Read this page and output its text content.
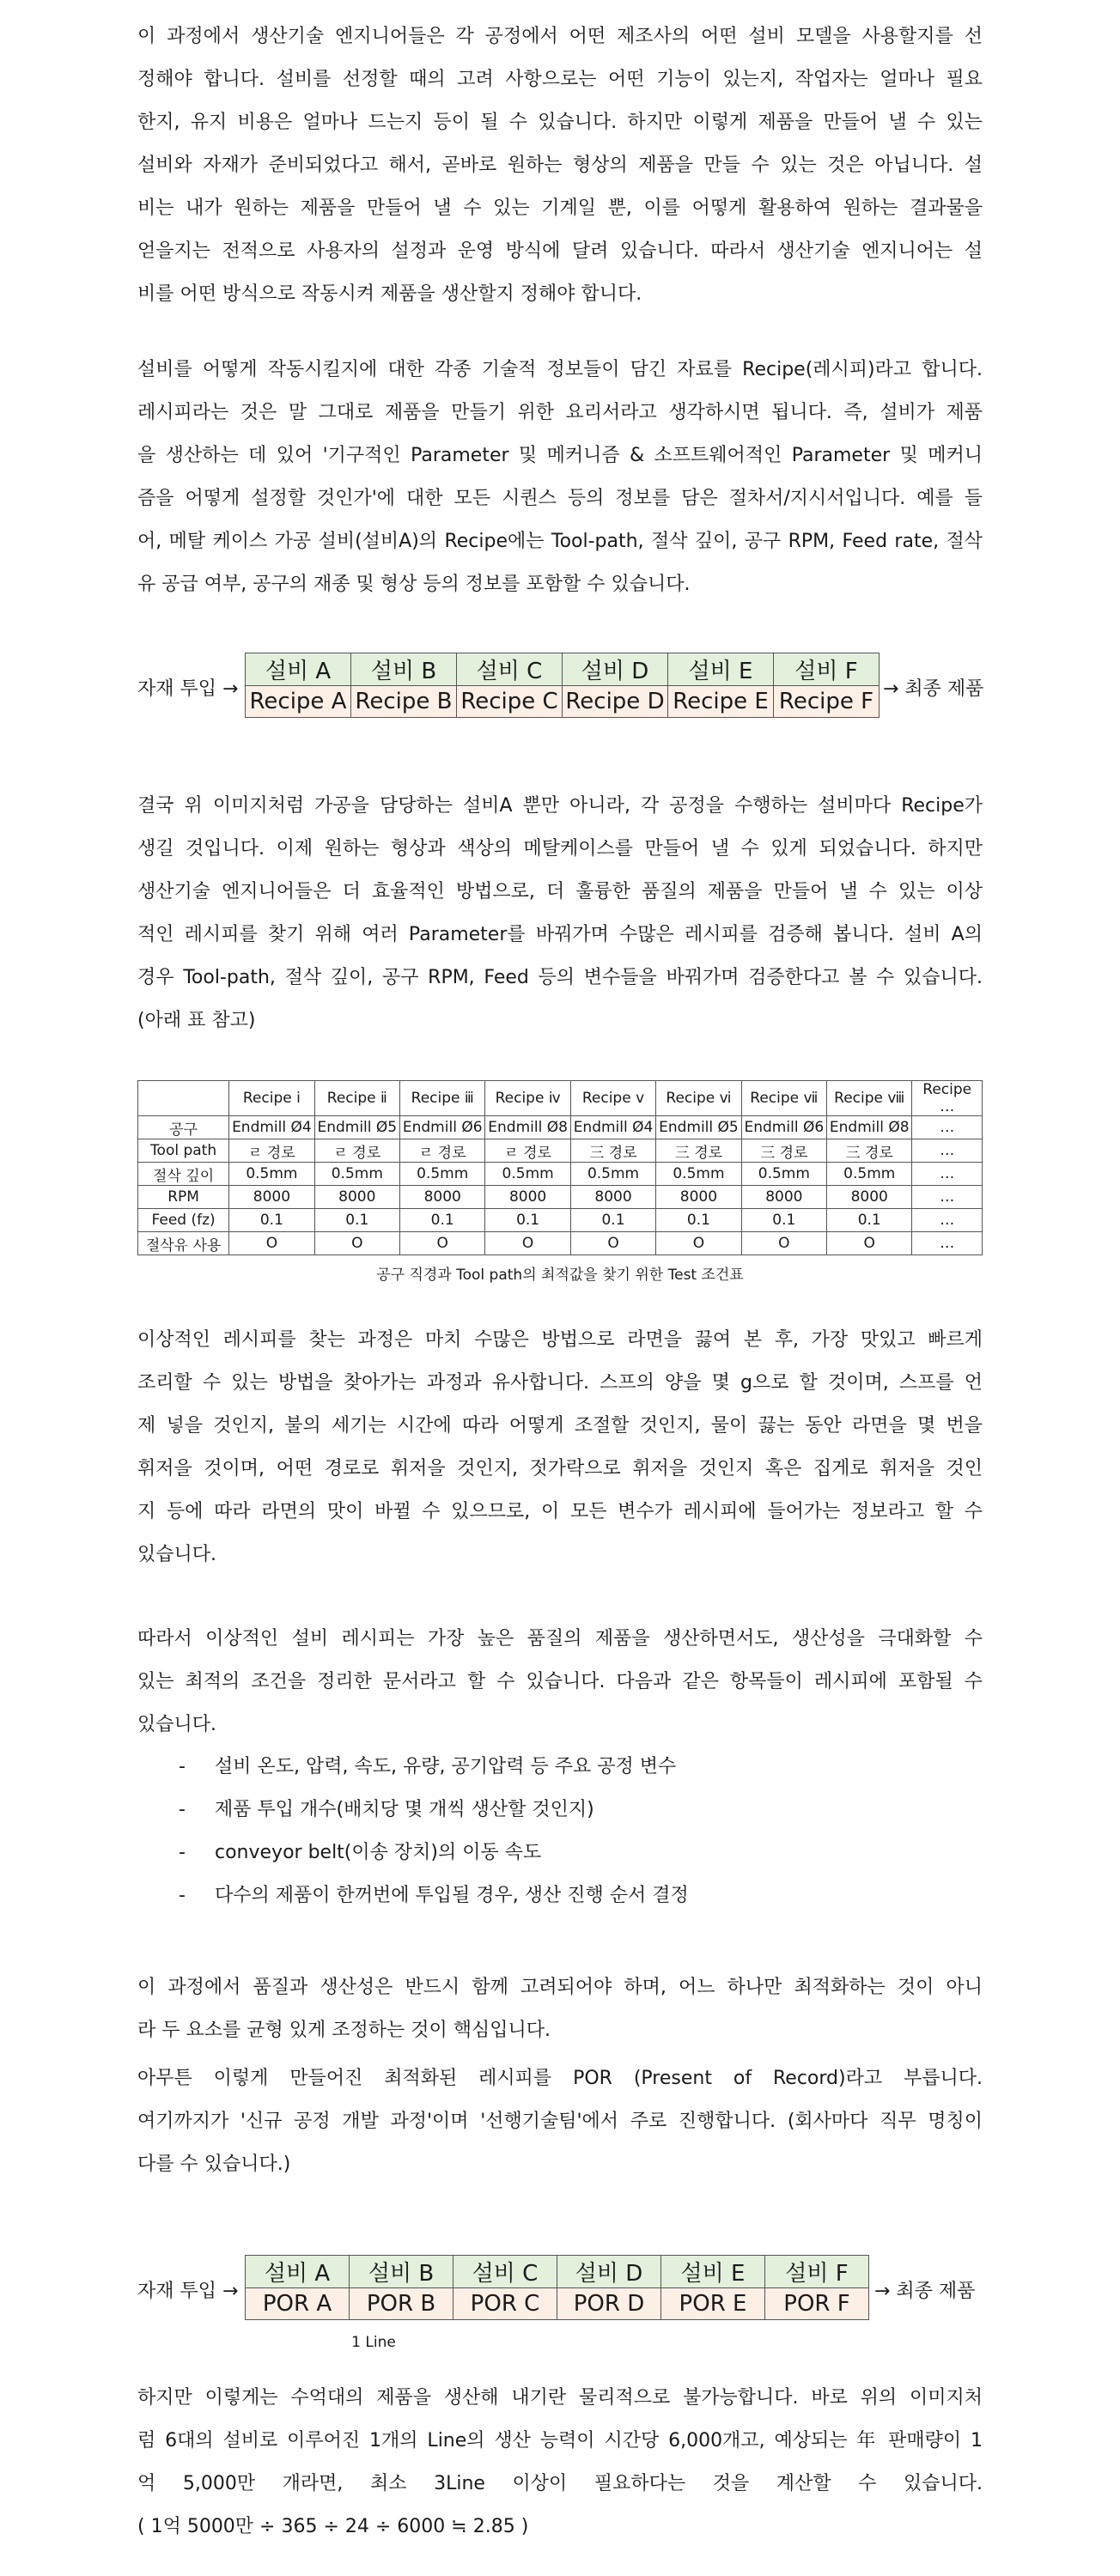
이 과정에서 생산기술 엔지니어들은 각 공정에서 어떤 제조사의 어떤 설비 모델을 사용할지를 선
정해야 합니다. 설비를 선정할 때의 고려 사항으로는 어떤 기능이 있는지, 작업자는 얼마나 필요
한지, 유지 비용은 얼마나 드는지 등이 될 수 있습니다. 하지만 이렇게 제품을 만들어 낼 수 있는
설비와 자재가 준비되었다고 해서, 곧바로 원하는 형상의 제품을 만들 수 있는 것은 아닙니다. 설
비는 내가 원하는 제품을 만들어 낼 수 있는 기계일 뿐, 이를 어떻게 활용하여 원하는 결과물을
얻을지는 전적으로 사용자의 설정과 운영 방식에 달려 있습니다. 따라서 생산기술 엔지니어는 설
비를 어떤 방식으로 작동시켜 제품을 생산할지 정해야 합니다.
설비를 어떻게 작동시킬지에 대한 각종 기술적 정보들이 담긴 자료를 Recipe(레시피)라고 합니다.
레시피라는 것은 말 그대로 제품을 만들기 위한 요리서라고 생각하시면 됩니다. 즉, 설비가 제품
을 생산하는 데 있어 '기구적인 Parameter 및 메커니즘 & 소프트웨어적인 Parameter 및 메커니
즘을 어떻게 설정할 것인가'에 대한 모든 시퀀스 등의 정보를 담은 절차서/지시서입니다. 예를 들
어, 메탈 케이스 가공 설비(설비A)의 Recipe에는 Tool-path, 절삭 깊이, 공구 RPM, Feed rate, 절삭
유 공급 여부, 공구의 재종 및 형상 등의 정보를 포함할 수 있습니다.
자재 투입 →
설비 A	설비 B	설비 C	설비 D	설비 E	설비 F
Recipe A	Recipe B	Recipe C	Recipe D	Recipe E	Recipe F → 최종 제품
결국 위 이미지처럼 가공을 담당하는 설비A 뿐만 아니라, 각 공정을 수행하는 설비마다 Recipe가
생길 것입니다. 이제 원하는 형상과 색상의 메탈케이스를 만들어 낼 수 있게 되었습니다. 하지만
생산기술 엔지니어들은 더 효율적인 방법으로, 더 훌륭한 품질의 제품을 만들어 낼 수 있는 이상
적인 레시피를 찾기 위해 여러 Parameter를 바꿔가며 수많은 레시피를 검증해 봅니다. 설비 A의
경우 Tool-path, 절삭 깊이, 공구 RPM, Feed 등의 변수들을 바꿔가며 검증한다고 볼 수 있습니다.
(아래 표 참고)
	Recipe ⅰ	Recipe ⅱ	Recipe ⅲ	Recipe ⅳ	Recipe ⅴ	Recipe ⅵ	Recipe ⅶ	Recipe ⅷ	Recipe …
공구	Endmill Ø4	Endmill Ø5	Endmill Ø6	Endmill Ø8	Endmill Ø4	Endmill Ø5	Endmill Ø6	Endmill Ø8	…
Tool path	ㄹ 경로	ㄹ 경로	ㄹ 경로	ㄹ 경로	三 경로	三 경로	三 경로	三 경로	…
절삭 깊이	0.5mm	0.5mm	0.5mm	0.5mm	0.5mm	0.5mm	0.5mm	0.5mm	…
RPM	8000	8000	8000	8000	8000	8000	8000	8000	…
Feed (fz)	0.1	0.1	0.1	0.1	0.1	0.1	0.1	0.1	…
절삭유 사용	O	O	O	O	O	O	O	O	…
공구 직경과 Tool path의 최적값을 찾기 위한 Test 조건표
이상적인 레시피를 찾는 과정은 마치 수많은 방법으로 라면을 끓여 본 후, 가장 맛있고 빠르게
조리할 수 있는 방법을 찾아가는 과정과 유사합니다. 스프의 양을 몇 g으로 할 것이며, 스프를 언
제 넣을 것인지, 불의 세기는 시간에 따라 어떻게 조절할 것인지, 물이 끓는 동안 라면을 몇 번을
휘저을 것이며, 어떤 경로로 휘저을 것인지, 젓가락으로 휘저을 것인지 혹은 집게로 휘저을 것인
지 등에 따라 라면의 맛이 바뀔 수 있으므로, 이 모든 변수가 레시피에 들어가는 정보라고 할 수
있습니다.
따라서 이상적인 설비 레시피는 가장 높은 품질의 제품을 생산하면서도, 생산성을 극대화할 수
있는 최적의 조건을 정리한 문서라고 할 수 있습니다. 다음과 같은 항목들이 레시피에 포함될 수
있습니다.
- 설비 온도, 압력, 속도, 유량, 공기압력 등 주요 공정 변수
- 제품 투입 개수(배치당 몇 개씩 생산할 것인지)
- conveyor belt(이송 장치)의 이동 속도
- 다수의 제품이 한꺼번에 투입될 경우, 생산 진행 순서 결정
이 과정에서 품질과 생산성은 반드시 함께 고려되어야 하며, 어느 하나만 최적화하는 것이 아니
라 두 요소를 균형 있게 조정하는 것이 핵심입니다.
아무튼 이렇게 만들어진 최적화된 레시피를 POR (Present of Record)라고 부릅니다.
여기까지가 '신규 공정 개발 과정'이며 '선행기술팀'에서 주로 진행합니다. (회사마다 직무 명칭이
다를 수 있습니다.)
자재 투입 →
설비 A	설비 B	설비 C	설비 D	설비 E	설비 F
POR A	POR B	POR C	POR D	POR E	POR F → 최종 제품
1 Line
하지만 이렇게는 수억대의 제품을 생산해 내기란 물리적으로 불가능합니다. 바로 위의 이미지처
럼 6대의 설비로 이루어진 1개의 Line의 생산 능력이 시간당 6,000개고, 예상되는 年 판매량이 1
억 5,000만 개라면, 최소 3Line 이상이 필요하다는 것을 계산할 수 있습니다.
( 1억 5000만 ÷ 365 ÷ 24 ÷ 6000 ≒ 2.85 )
